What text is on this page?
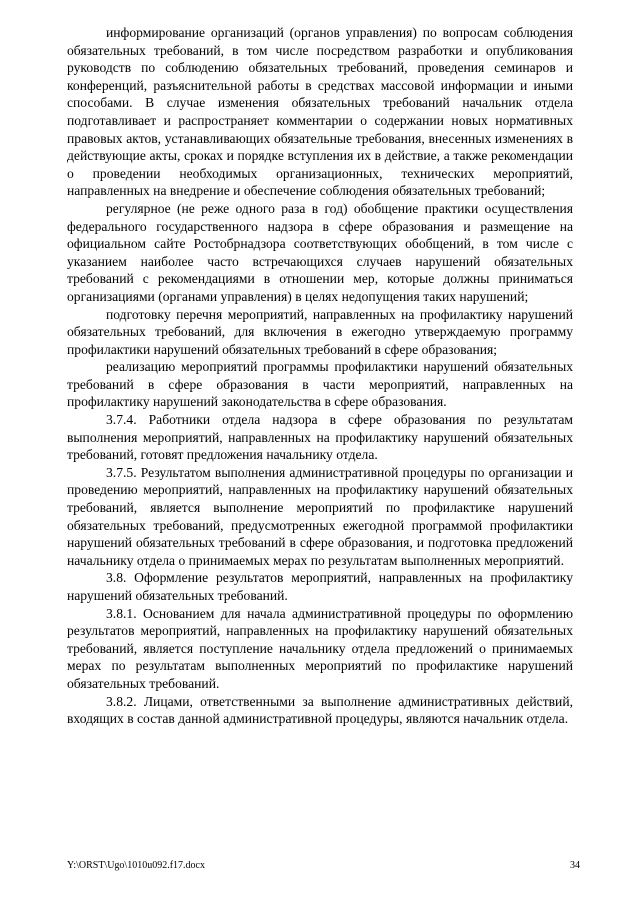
информирование организаций (органов управления) по вопросам соблюдения обязательных требований, в том числе посредством разработки и опубликования руководств по соблюдению обязательных требований, проведения семинаров и конференций, разъяснительной работы в средствах массовой информации и иными способами. В случае изменения обязательных требований начальник отдела подготавливает и распространяет комментарии о содержании новых нормативных правовых актов, устанавливающих обязательные требования, внесенных изменениях в действующие акты, сроках и порядке вступления их в действие, а также рекомендации о проведении необходимых организационных, технических мероприятий, направленных на внедрение и обеспечение соблюдения обязательных требований;

регулярное (не реже одного раза в год) обобщение практики осуществления федерального государственного надзора в сфере образования и размещение на официальном сайте Ростобрнадзора соответствующих обобщений, в том числе с указанием наиболее часто встречающихся случаев нарушений обязательных требований с рекомендациями в отношении мер, которые должны приниматься организациями (органами управления) в целях недопущения таких нарушений;

подготовку перечня мероприятий, направленных на профилактику нарушений обязательных требований, для включения в ежегодно утверждаемую программу профилактики нарушений обязательных требований в сфере образования;

реализацию мероприятий программы профилактики нарушений обязательных требований в сфере образования в части мероприятий, направленных на профилактику нарушений законодательства в сфере образования.

3.7.4. Работники отдела надзора в сфере образования по результатам выполнения мероприятий, направленных на профилактику нарушений обязательных требований, готовят предложения начальнику отдела.

3.7.5. Результатом выполнения административной процедуры по организации и проведению мероприятий, направленных на профилактику нарушений обязательных требований, является выполнение мероприятий по профилактике нарушений обязательных требований, предусмотренных ежегодной программой профилактики нарушений обязательных требований в сфере образования, и подготовка предложений начальнику отдела о принимаемых мерах по результатам выполненных мероприятий.

3.8. Оформление результатов мероприятий, направленных на профилактику нарушений обязательных требований.

3.8.1. Основанием для начала административной процедуры по оформлению результатов мероприятий, направленных на профилактику нарушений обязательных требований, является поступление начальнику отдела предложений о принимаемых мерах по результатам выполненных мероприятий по профилактике нарушений обязательных требований.

3.8.2. Лицами, ответственными за выполнение административных действий, входящих в состав данной административной процедуры, являются начальник отдела.

Y:\ORST\Ugo\1010u092.f17.docx	34
